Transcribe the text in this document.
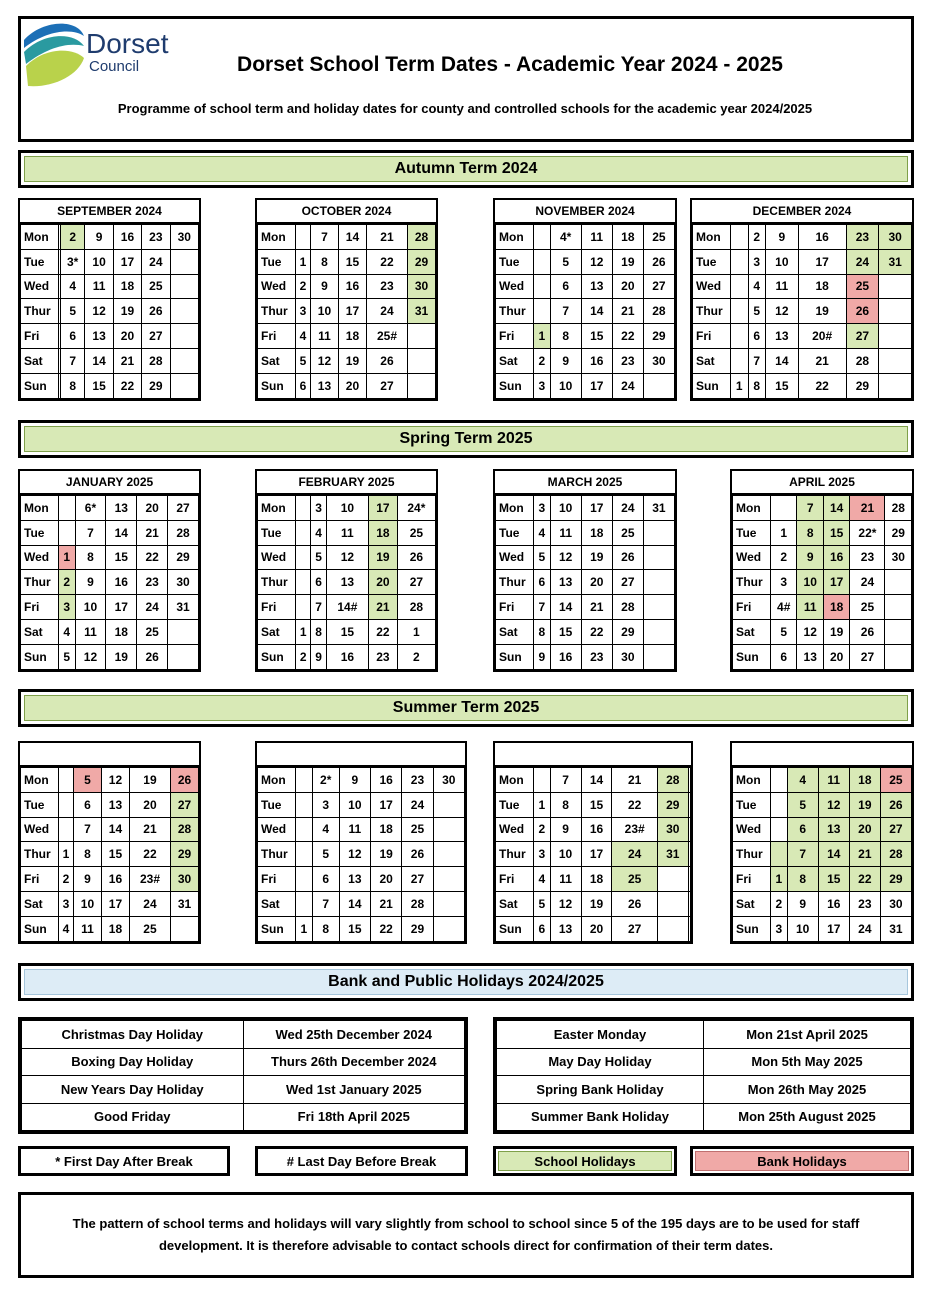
Dorset
Council	Dorset School Term Dates - Academic Year 2024 - 2025
Programme of school term and holiday dates for county and controlled schools for the academic year 2024/2025
Autumn Term 2024
Spring Term 2025
Summer Term 2025
SEPTEMBER 2024
Mon		2	9	16	23	30
Tue		3*	10	17	24	
Wed		4	11	18	25	
Thur		5	12	19	26	
Fri		6	13	20	27	
Sat		7	14	21	28	
Sun		8	15	22	29	
OCTOBER 2024
Mon		7	14	21	28
Tue	1	8	15	22	29
Wed	2	9	16	23	30
Thur	3	10	17	24	31
Fri	4	11	18	25#	
Sat	5	12	19	26	
Sun	6	13	20	27	
NOVEMBER 2024
Mon		4*	11	18	25
Tue		5	12	19	26
Wed		6	13	20	27
Thur		7	14	21	28
Fri	1	8	15	22	29
Sat	2	9	16	23	30
Sun	3	10	17	24	
DECEMBER 2024
Mon		2	9	16	23	30
Tue		3	10	17	24	31
Wed		4	11	18	25	
Thur		5	12	19	26	
Fri		6	13	20#	27	
Sat		7	14	21	28	
Sun	1	8	15	22	29	
JANUARY 2025
Mon		6*	13	20	27
Tue		7	14	21	28
Wed	1	8	15	22	29
Thur	2	9	16	23	30
Fri	3	10	17	24	31
Sat	4	11	18	25	
Sun	5	12	19	26	
FEBRUARY 2025
Mon		3	10	17	24*
Tue		4	11	18	25
Wed		5	12	19	26
Thur		6	13	20	27
Fri		7	14#	21	28
Sat	1	8	15	22	1
Sun	2	9	16	23	2
MARCH 2025
Mon	3	10	17	24	31
Tue	4	11	18	25	
Wed	5	12	19	26	
Thur	6	13	20	27	
Fri	7	14	21	28	
Sat	8	15	22	29	
Sun	9	16	23	30	
APRIL 2025
Mon		7	14	21	28
Tue	1	8	15	22*	29
Wed	2	9	16	23	30
Thur	3	10	17	24	
Fri	4#	11	18	25	
Sat	5	12	19	26	
Sun	6	13	20	27	
Mon		5	12	19	26
Tue		6	13	20	27
Wed		7	14	21	28
Thur	1	8	15	22	29
Fri	2	9	16	23#	30
Sat	3	10	17	24	31
Sun	4	11	18	25	
Mon		2*	9	16	23	30
Tue		3	10	17	24	
Wed		4	11	18	25	
Thur		5	12	19	26	
Fri		6	13	20	27	
Sat		7	14	21	28	
Sun	1	8	15	22	29	
Mon		7	14	21	28	
Tue	1	8	15	22	29	
Wed	2	9	16	23#	30	
Thur	3	10	17	24	31	
Fri	4	11	18	25		
Sat	5	12	19	26		
Sun	6	13	20	27		
Mon		4	11	18	25
Tue		5	12	19	26
Wed		6	13	20	27
Thur		7	14	21	28
Fri	1	8	15	22	29
Sat	2	9	16	23	30
Sun	3	10	17	24	31
Bank and Public Holidays 2024/2025
Christmas Day Holiday	Wed 25th December 2024
Boxing Day Holiday	Thurs 26th December 2024
New Years Day Holiday	Wed 1st January 2025
Good Friday	Fri 18th April 2025
Easter Monday	Mon 21st April 2025
May Day Holiday	Mon 5th May 2025
Spring Bank Holiday	Mon 26th May 2025
Summer Bank Holiday	Mon 25th August 2025
* First Day After Break	# Last Day Before Break	School Holidays	Bank Holidays
The pattern of school terms and holidays will vary slightly from school to school since 5 of the 195 days are to be used for staff development. It is therefore advisable to contact schools direct for confirmation of their term dates.
